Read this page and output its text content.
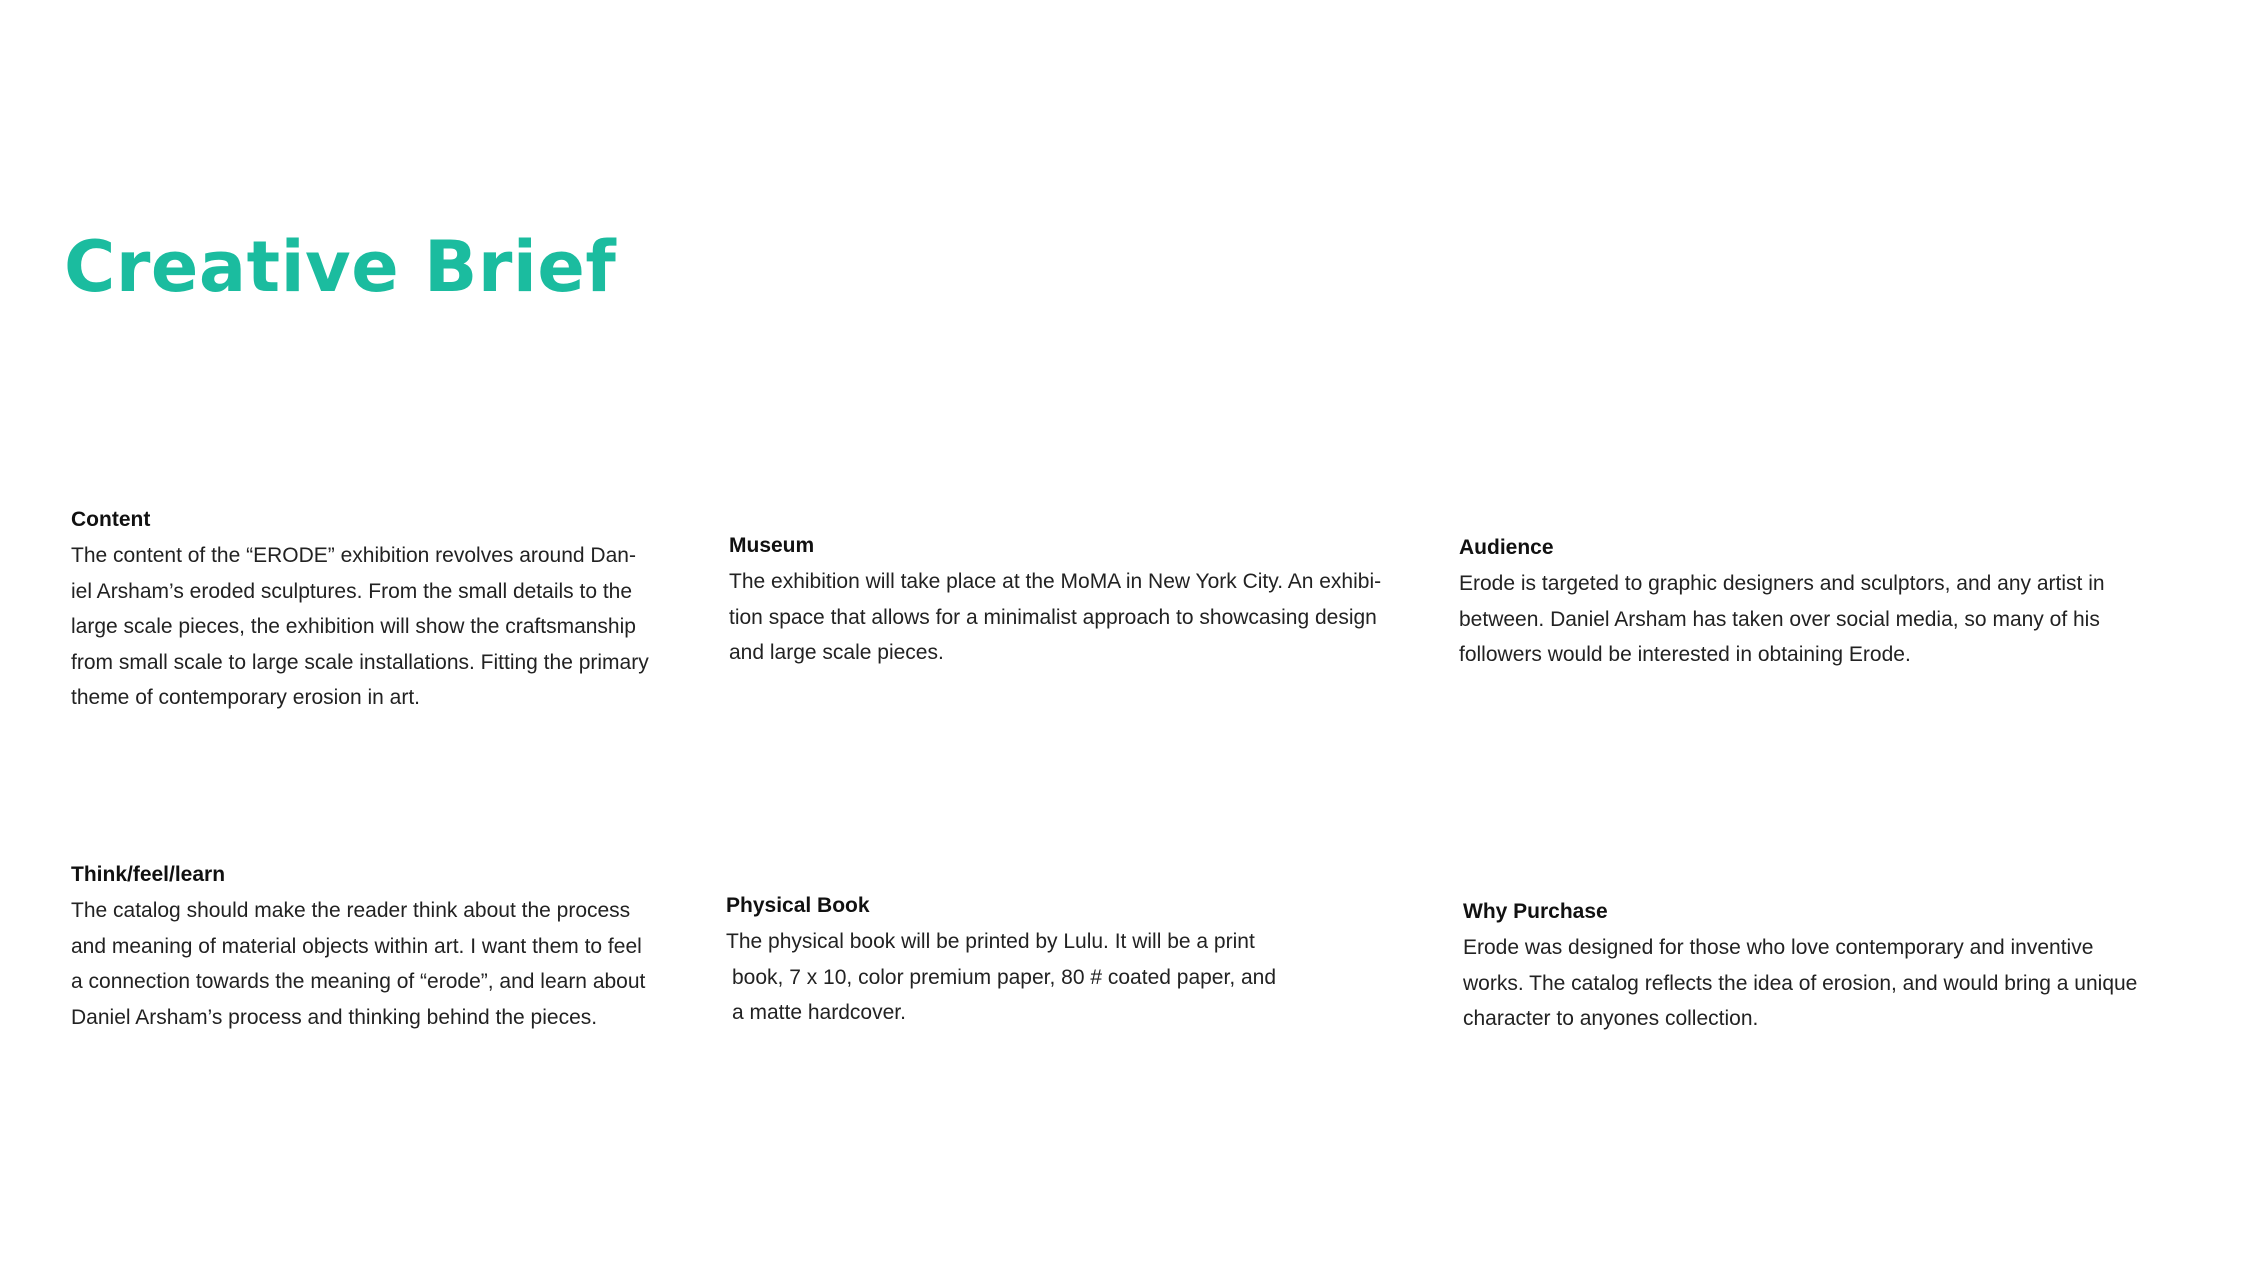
Creative Brief
Content

The content of the “ERODE” exhibition revolves around Dan-
iel Arsham’s eroded sculptures. From the small details to the
large scale pieces, the exhibition will show the craftsmanship
from small scale to large scale installations. Fitting the primary
theme of contemporary erosion in art.

Museum

The exhibition will take place at the MoMA in New York City. An exhibi-
tion space that allows for a minimalist approach to showcasing design
and large scale pieces.

Audience

Erode is targeted to graphic designers and sculptors, and any artist in
between. Daniel Arsham has taken over social media, so many of his
followers would be interested in obtaining Erode.

Think/feel/learn

The catalog should make the reader think about the process
and meaning of material objects within art. I want them to feel
a connection towards the meaning of “erode”, and learn about
Daniel Arsham’s process and thinking behind the pieces.

Physical Book

The physical book will be printed by Lulu. It will be a print
book, 7 x 10, color premium paper, 80 # coated paper, and
a matte hardcover.

Why Purchase

Erode was designed for those who love contemporary and inventive
works. The catalog reflects the idea of erosion, and would bring a unique
character to anyones collection.
